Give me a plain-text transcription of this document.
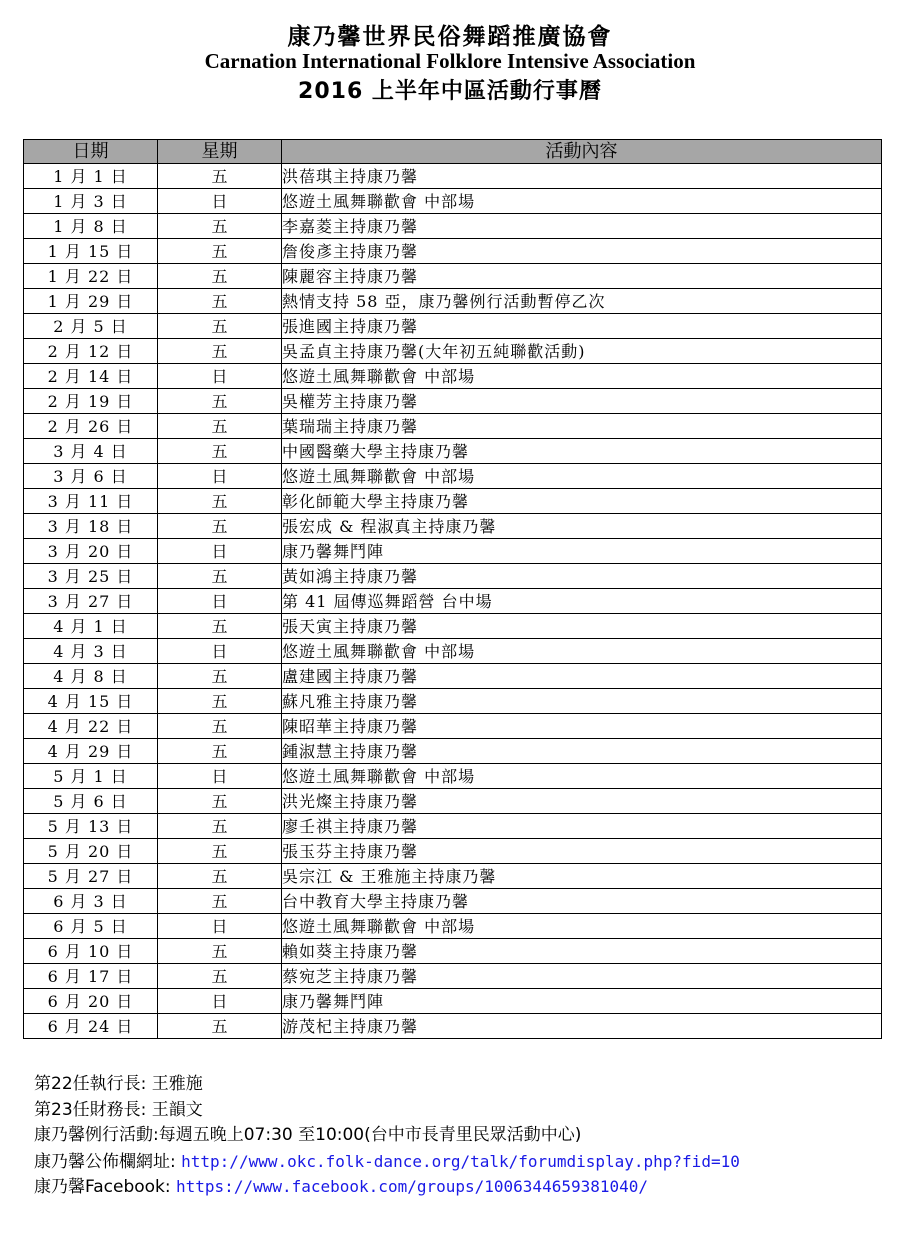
康乃馨世界民俗舞蹈推廣協會
Carnation International Folklore Intensive Association
2016 上半年中區活動行事曆
日期	星期	活動內容
1 月 1 日	五	洪蓓琪主持康乃馨
1 月 3 日	日	悠遊土風舞聯歡會 中部場
1 月 8 日	五	李嘉菱主持康乃馨
1 月 15 日	五	詹俊彥主持康乃馨
1 月 22 日	五	陳麗容主持康乃馨
1 月 29 日	五	熱情支持 58 亞，康乃馨例行活動暫停乙次
2 月 5 日	五	張進國主持康乃馨
2 月 12 日	五	吳孟貞主持康乃馨(大年初五純聯歡活動)
2 月 14 日	日	悠遊土風舞聯歡會 中部場
2 月 19 日	五	吳權芳主持康乃馨
2 月 26 日	五	葉瑞瑞主持康乃馨
3 月 4 日	五	中國醫藥大學主持康乃馨
3 月 6 日	日	悠遊土風舞聯歡會 中部場
3 月 11 日	五	彰化師範大學主持康乃馨
3 月 18 日	五	張宏成 & 程淑真主持康乃馨
3 月 20 日	日	康乃馨舞鬥陣
3 月 25 日	五	黃如鴻主持康乃馨
3 月 27 日	日	第 41 屆傳巡舞蹈營 台中場
4 月 1 日	五	張天寅主持康乃馨
4 月 3 日	日	悠遊土風舞聯歡會 中部場
4 月 8 日	五	盧建國主持康乃馨
4 月 15 日	五	蘇凡雅主持康乃馨
4 月 22 日	五	陳昭華主持康乃馨
4 月 29 日	五	鍾淑慧主持康乃馨
5 月 1 日	日	悠遊土風舞聯歡會 中部場
5 月 6 日	五	洪光燦主持康乃馨
5 月 13 日	五	廖壬祺主持康乃馨
5 月 20 日	五	張玉芬主持康乃馨
5 月 27 日	五	吳宗江 & 王雅施主持康乃馨
6 月 3 日	五	台中教育大學主持康乃馨
6 月 5 日	日	悠遊土風舞聯歡會 中部場
6 月 10 日	五	賴如葵主持康乃馨
6 月 17 日	五	蔡宛芝主持康乃馨
6 月 20 日	日	康乃馨舞鬥陣
6 月 24 日	五	游茂杞主持康乃馨
第22任執行長: 王雅施
第23任財務長: 王韻文
康乃馨例行活動:每週五晚上07:30 至10:00(台中市長青里民眾活動中心)
康乃馨公佈欄網址: http://www.okc.folk-dance.org/talk/forumdisplay.php?fid=10
康乃馨Facebook: https://www.facebook.com/groups/1006344659381040/
